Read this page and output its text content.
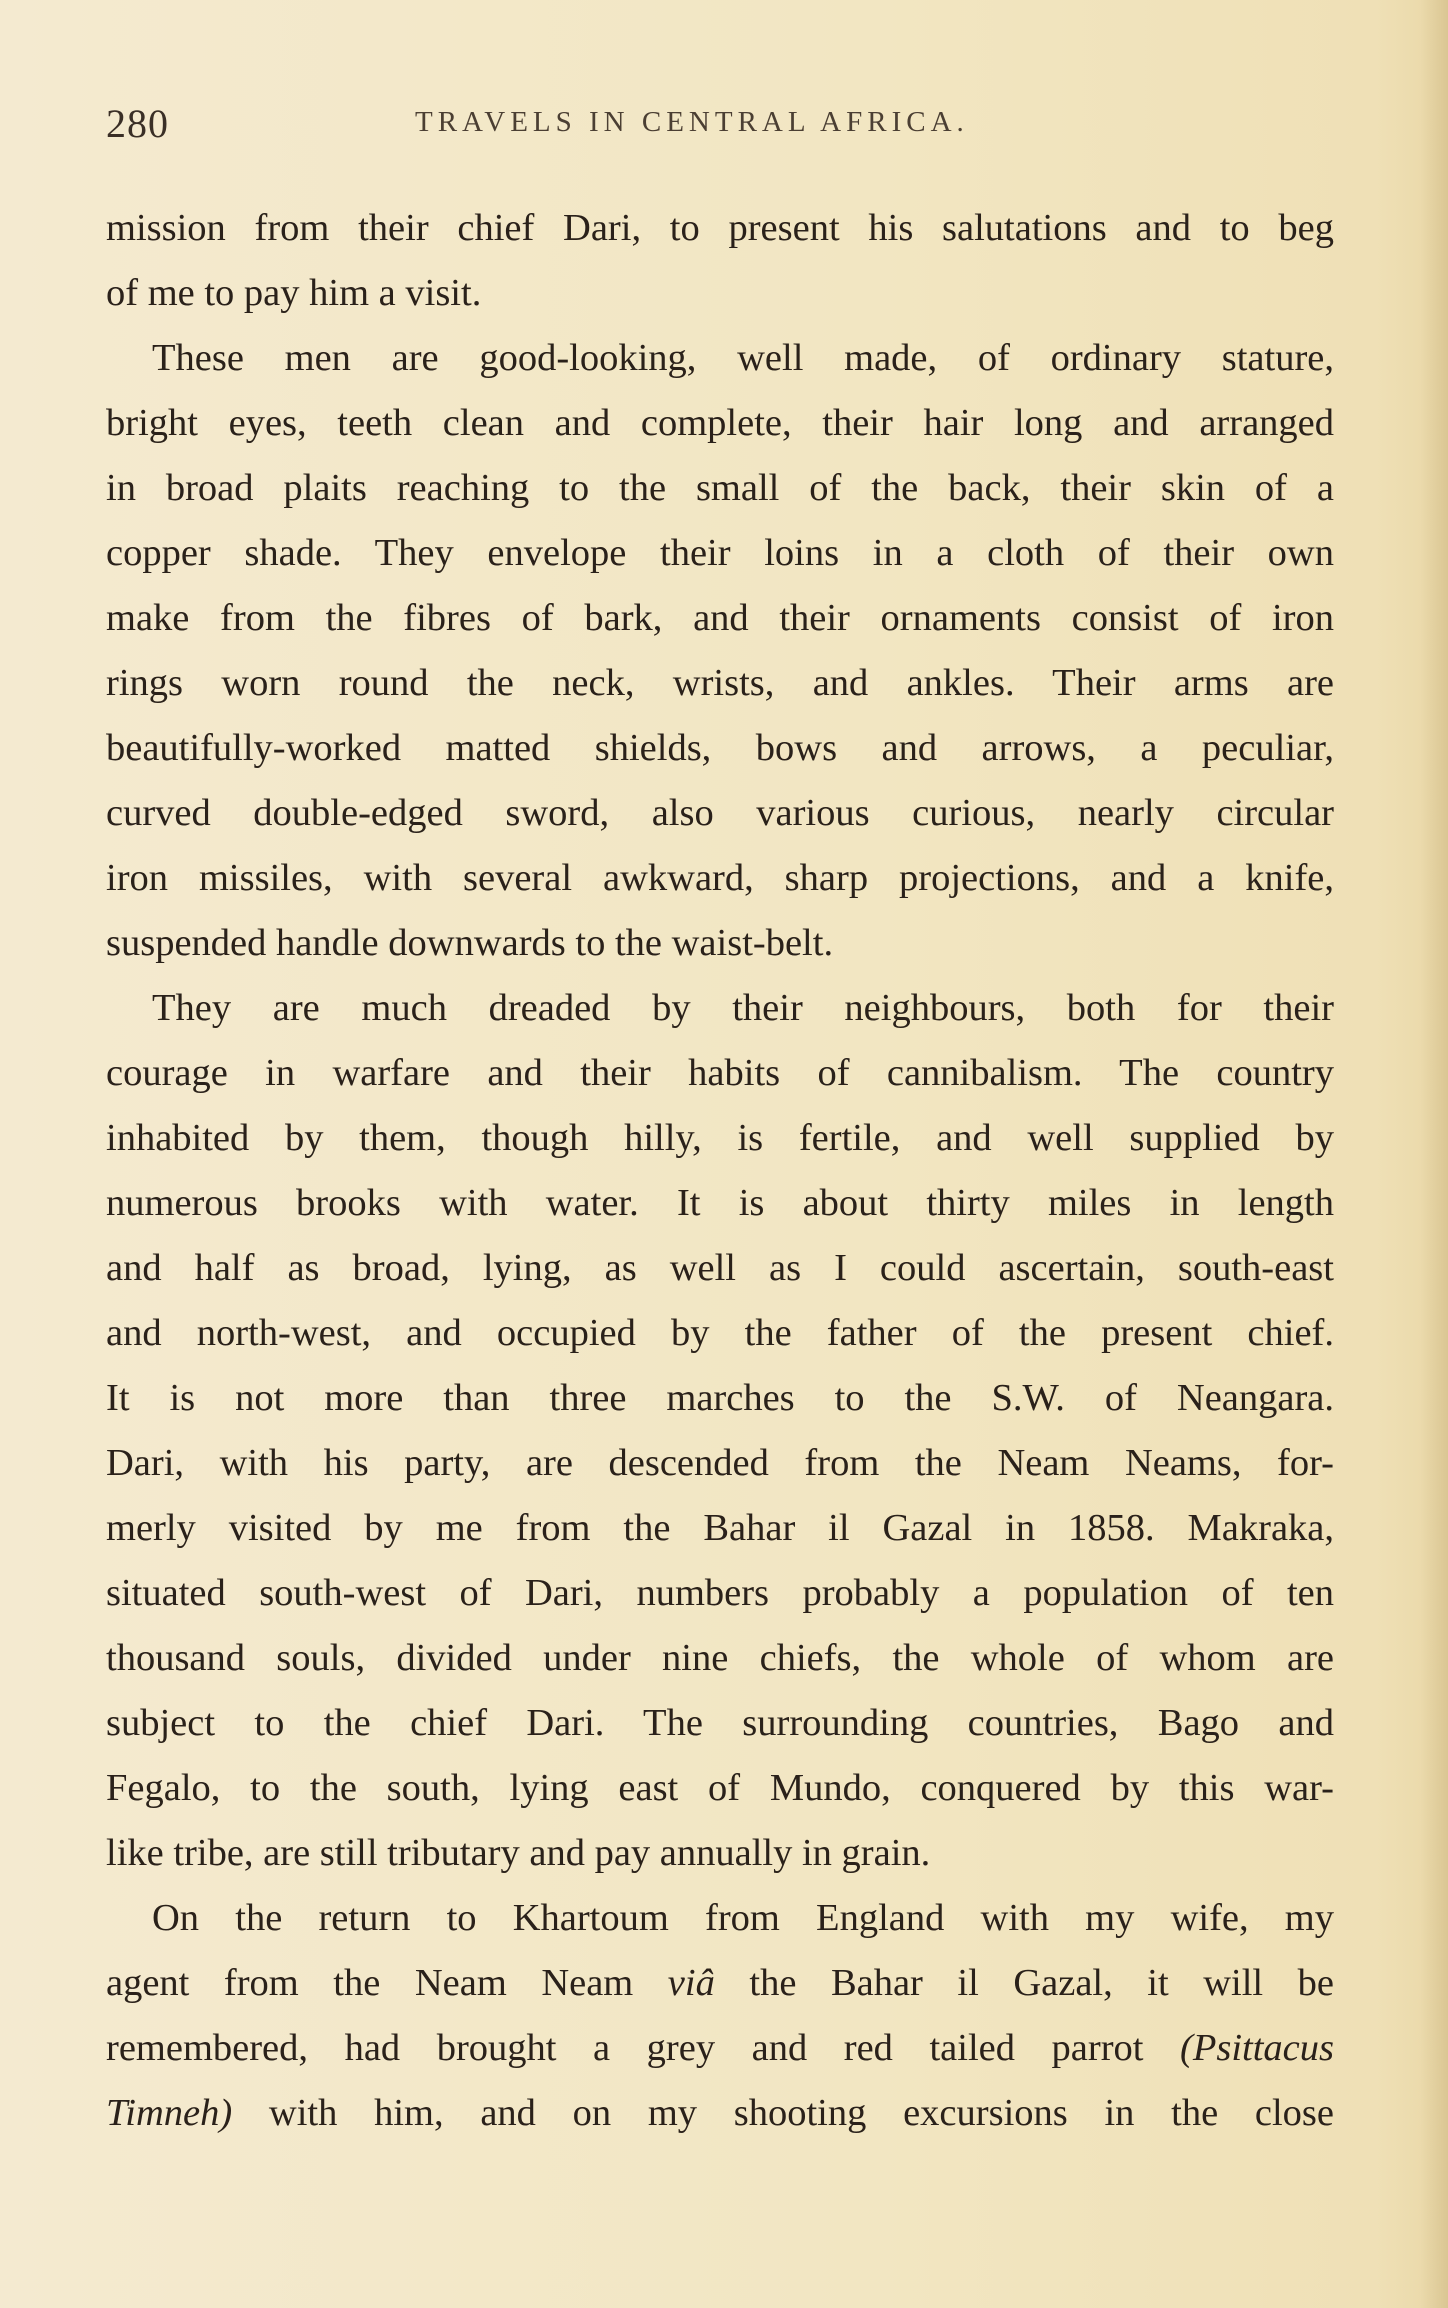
280	TRAVELS IN CENTRAL AFRICA.
mission from their chief Dari, to present his salutations and to beg
of me to pay him a visit.
These men are good-looking, well made, of ordinary stature,
bright eyes, teeth clean and complete, their hair long and arranged
in broad plaits reaching to the small of the back, their skin of a
copper shade. They envelope their loins in a cloth of their own
make from the fibres of bark, and their ornaments consist of iron
rings worn round the neck, wrists, and ankles. Their arms are
beautifully-worked matted shields, bows and arrows, a peculiar,
curved double-edged sword, also various curious, nearly circular
iron missiles, with several awkward, sharp projections, and a knife,
suspended handle downwards to the waist-belt.
They are much dreaded by their neighbours, both for their
courage in warfare and their habits of cannibalism. The country
inhabited by them, though hilly, is fertile, and well supplied by
numerous brooks with water. It is about thirty miles in length
and half as broad, lying, as well as I could ascertain, south-east
and north-west, and occupied by the father of the present chief.
It is not more than three marches to the S.W. of Neangara.
Dari, with his party, are descended from the Neam Neams, for-
merly visited by me from the Bahar il Gazal in 1858. Makraka,
situated south-west of Dari, numbers probably a population of ten
thousand souls, divided under nine chiefs, the whole of whom are
subject to the chief Dari. The surrounding countries, Bago and
Fegalo, to the south, lying east of Mundo, conquered by this war-
like tribe, are still tributary and pay annually in grain.
On the return to Khartoum from England with my wife, my
agent from the Neam Neam viâ the Bahar il Gazal, it will be
remembered, had brought a grey and red tailed parrot (Psittacus
Timneh) with him, and on my shooting excursions in the close
